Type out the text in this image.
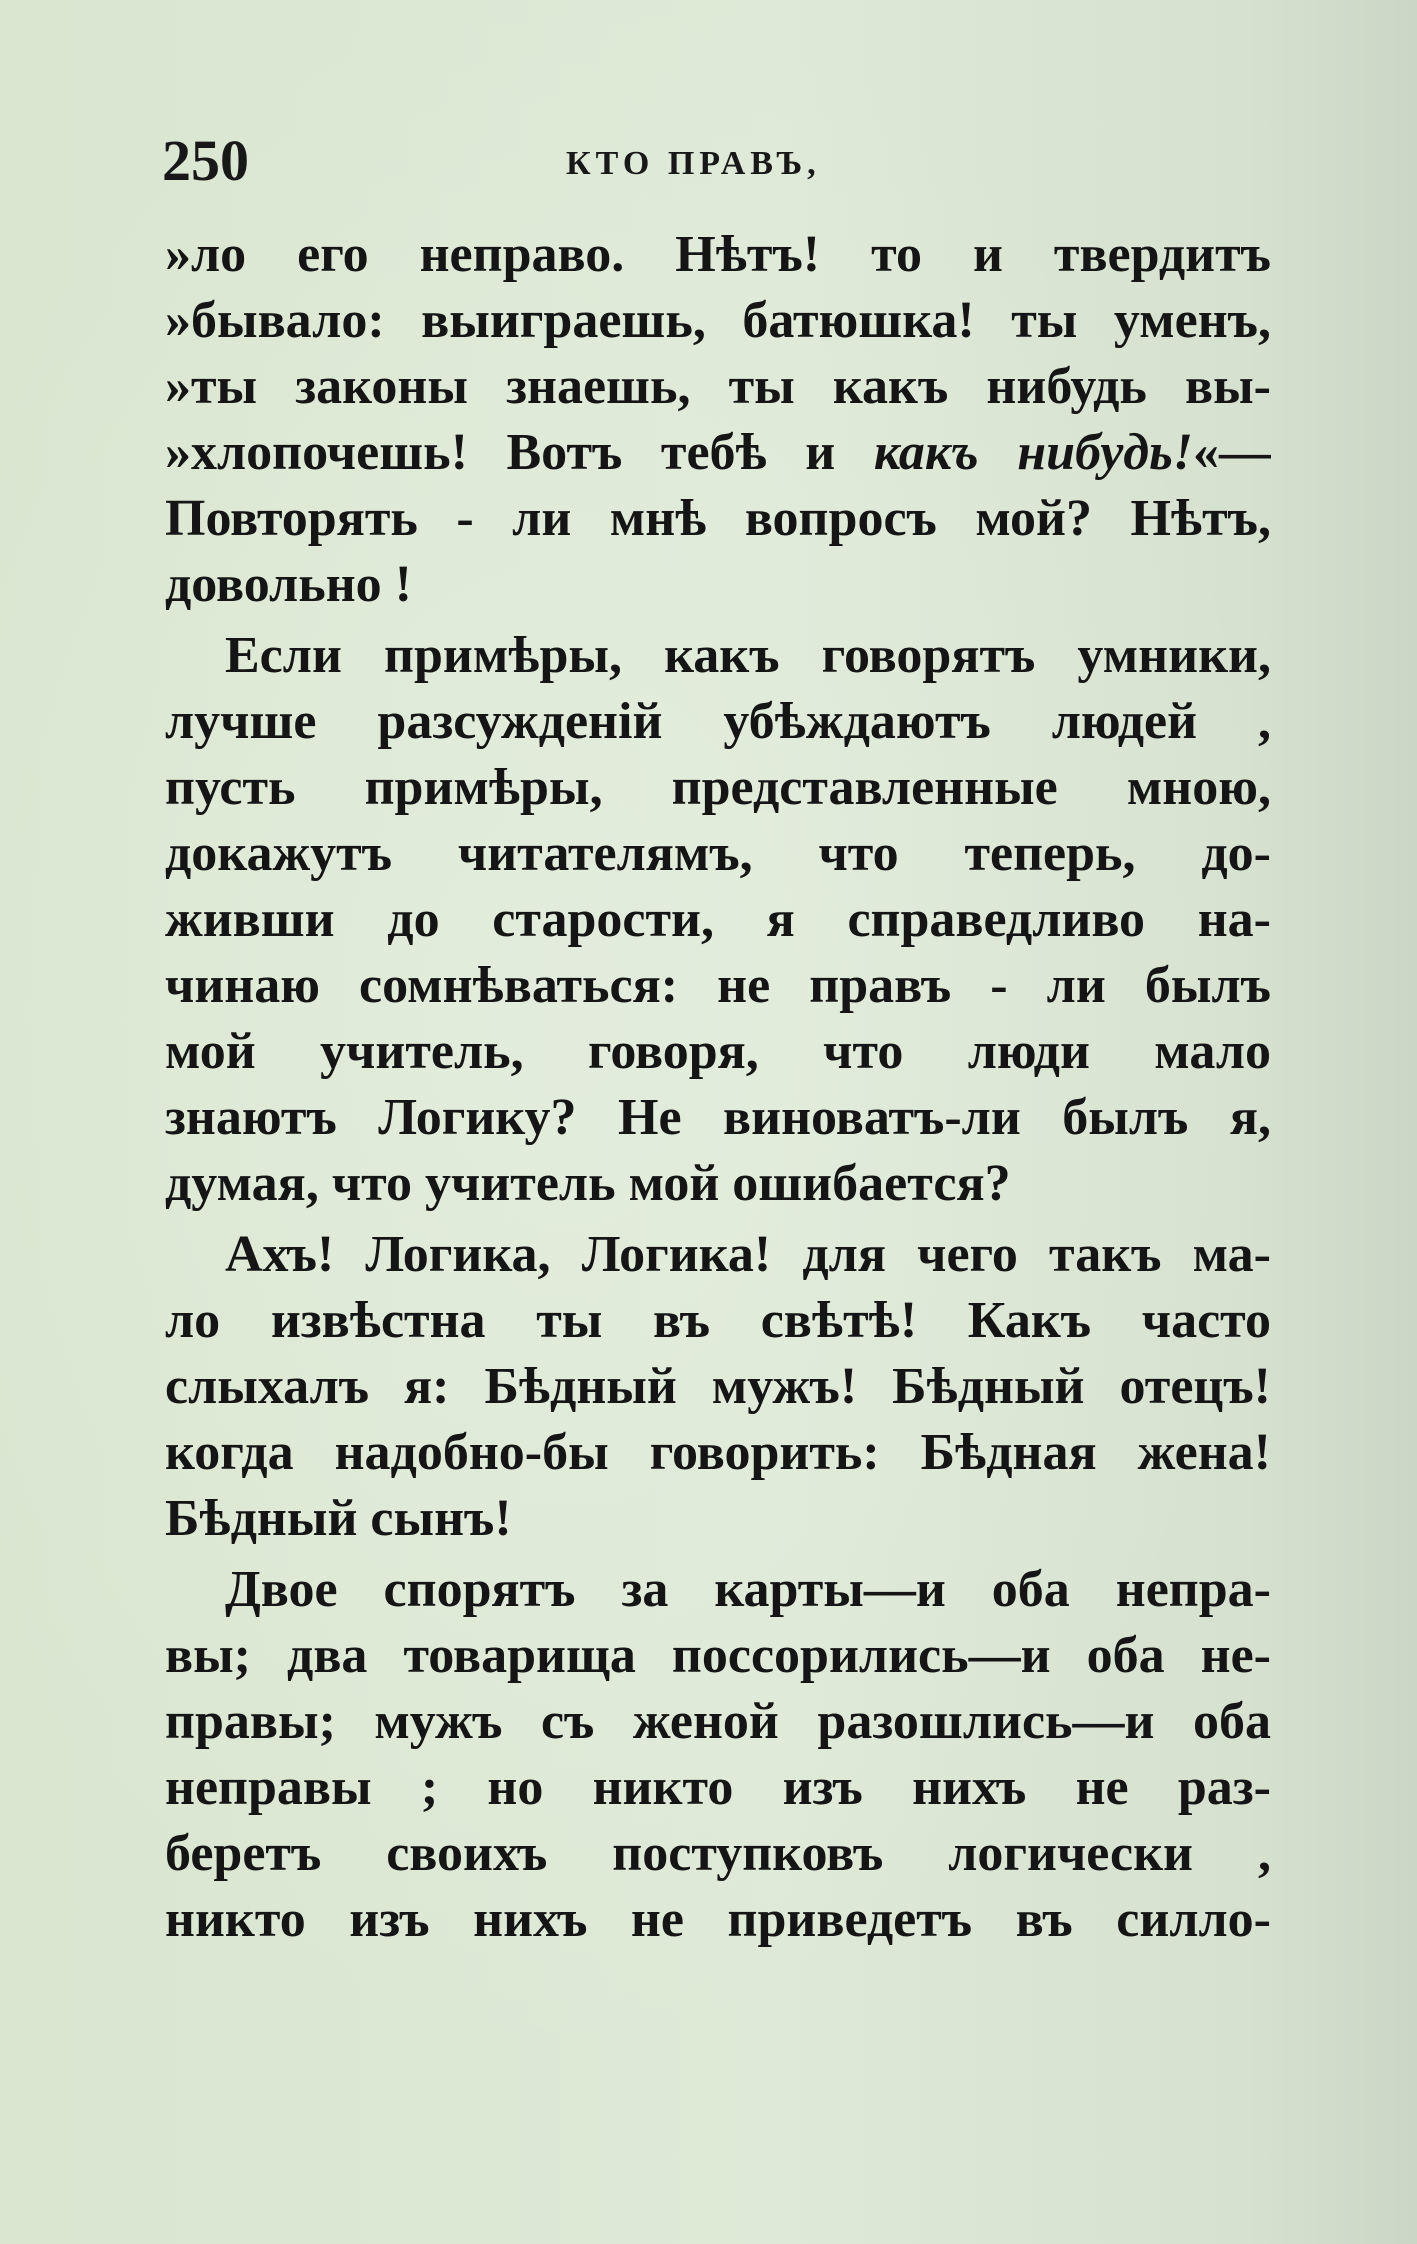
250	КТО ПРАВЪ,
»ло его неправо. Нѣтъ! то и твердитъ
»бывало: выиграешь, батюшка! ты уменъ,
»ты законы знаешь, ты какъ нибудь вы-
»хлопочешь! Вотъ тебѣ и какъ нибудь!«—
Повторять - ли мнѣ вопросъ мой? Нѣтъ,
довольно !
Если примѣры, какъ говорятъ умники,
лучше разсужденій убѣждаютъ людей ,
пусть примѣры, представленные мною,
докажутъ читателямъ, что теперь, до-
живши до старости, я справедливо на-
чинаю сомнѣваться: не правъ - ли былъ
мой учитель, говоря, что люди мало
знаютъ Логику? Не виноватъ-ли былъ я,
думая, что учитель мой ошибается?
Ахъ! Логика, Логика! для чего такъ ма-
ло извѣстна ты въ свѣтѣ! Какъ часто
слыхалъ я: Бѣдный мужъ! Бѣдный отецъ!
когда надобно-бы говорить: Бѣдная жена!
Бѣдный сынъ!
Двое спорятъ за карты—и оба непра-
вы; два товарища поссорились—и оба не-
правы; мужъ съ женой разошлись—и оба
неправы ; но никто изъ нихъ не раз-
беретъ своихъ поступковъ логически ,
никто изъ нихъ не приведетъ въ силло-
